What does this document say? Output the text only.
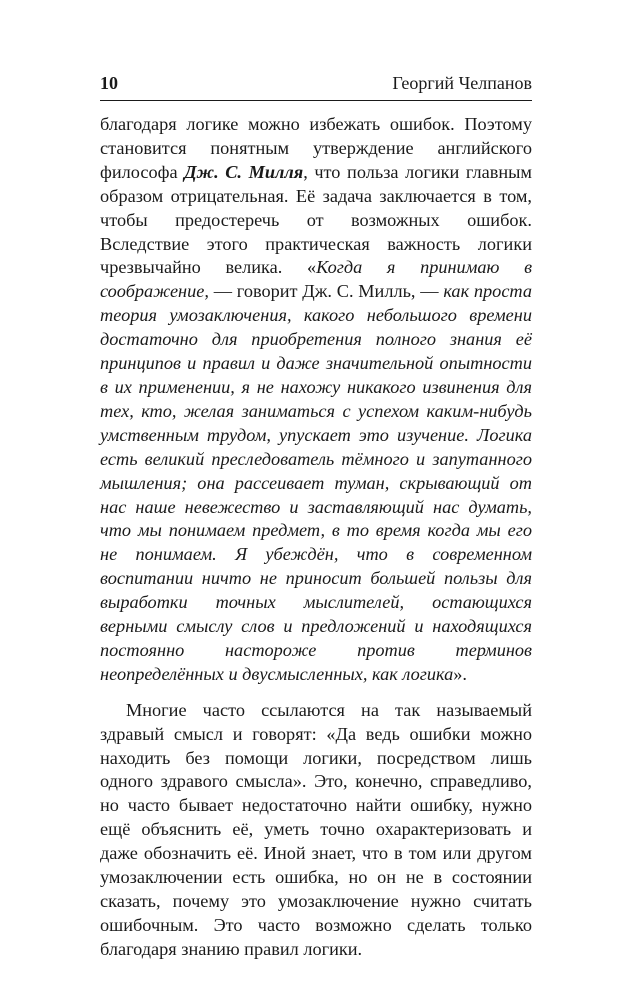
10	Георгий Челпанов

благодаря логике можно избежать ошибок. Поэтому становится понятным утверждение английского философа Дж. С. Милля, что польза логики главным образом отрицательная. Её задача заключается в том, чтобы предостеречь от возможных ошибок. Вследствие этого практическая важность логики чрезвычайно велика. «Когда я принимаю в соображение, — говорит Дж. С. Милль, — как проста теория умозаключения, какого небольшого времени достаточно для приобретения полного знания её принципов и правил и даже значительной опытности в их применении, я не нахожу никакого извинения для тех, кто, желая заниматься с успехом каким-нибудь умственным трудом, упускает это изучение. Логика есть великий преследователь тёмного и запутанного мышления; она рассеивает туман, скрывающий от нас наше невежество и заставляющий нас думать, что мы понимаем предмет, в то время когда мы его не понимаем. Я убеждён, что в современном воспитании ничто не приносит большей пользы для выработки точных мыслителей, остающихся верными смыслу слов и предложений и находящихся постоянно настороже против терминов неопределённых и двусмысленных, как логика».

Многие часто ссылаются на так называемый здравый смысл и говорят: «Да ведь ошибки можно находить без помощи логики, посредством лишь одного здравого смысла». Это, конечно, справедливо, но часто бывает недостаточно найти ошибку, нужно ещё объяснить её, уметь точно охарактеризовать и даже обозначить её. Иной знает, что в том или другом умозаключении есть ошибка, но он не в состоянии сказать, почему это умозаключение нужно считать ошибочным. Это часто возможно сделать только благодаря знанию правил логики.
